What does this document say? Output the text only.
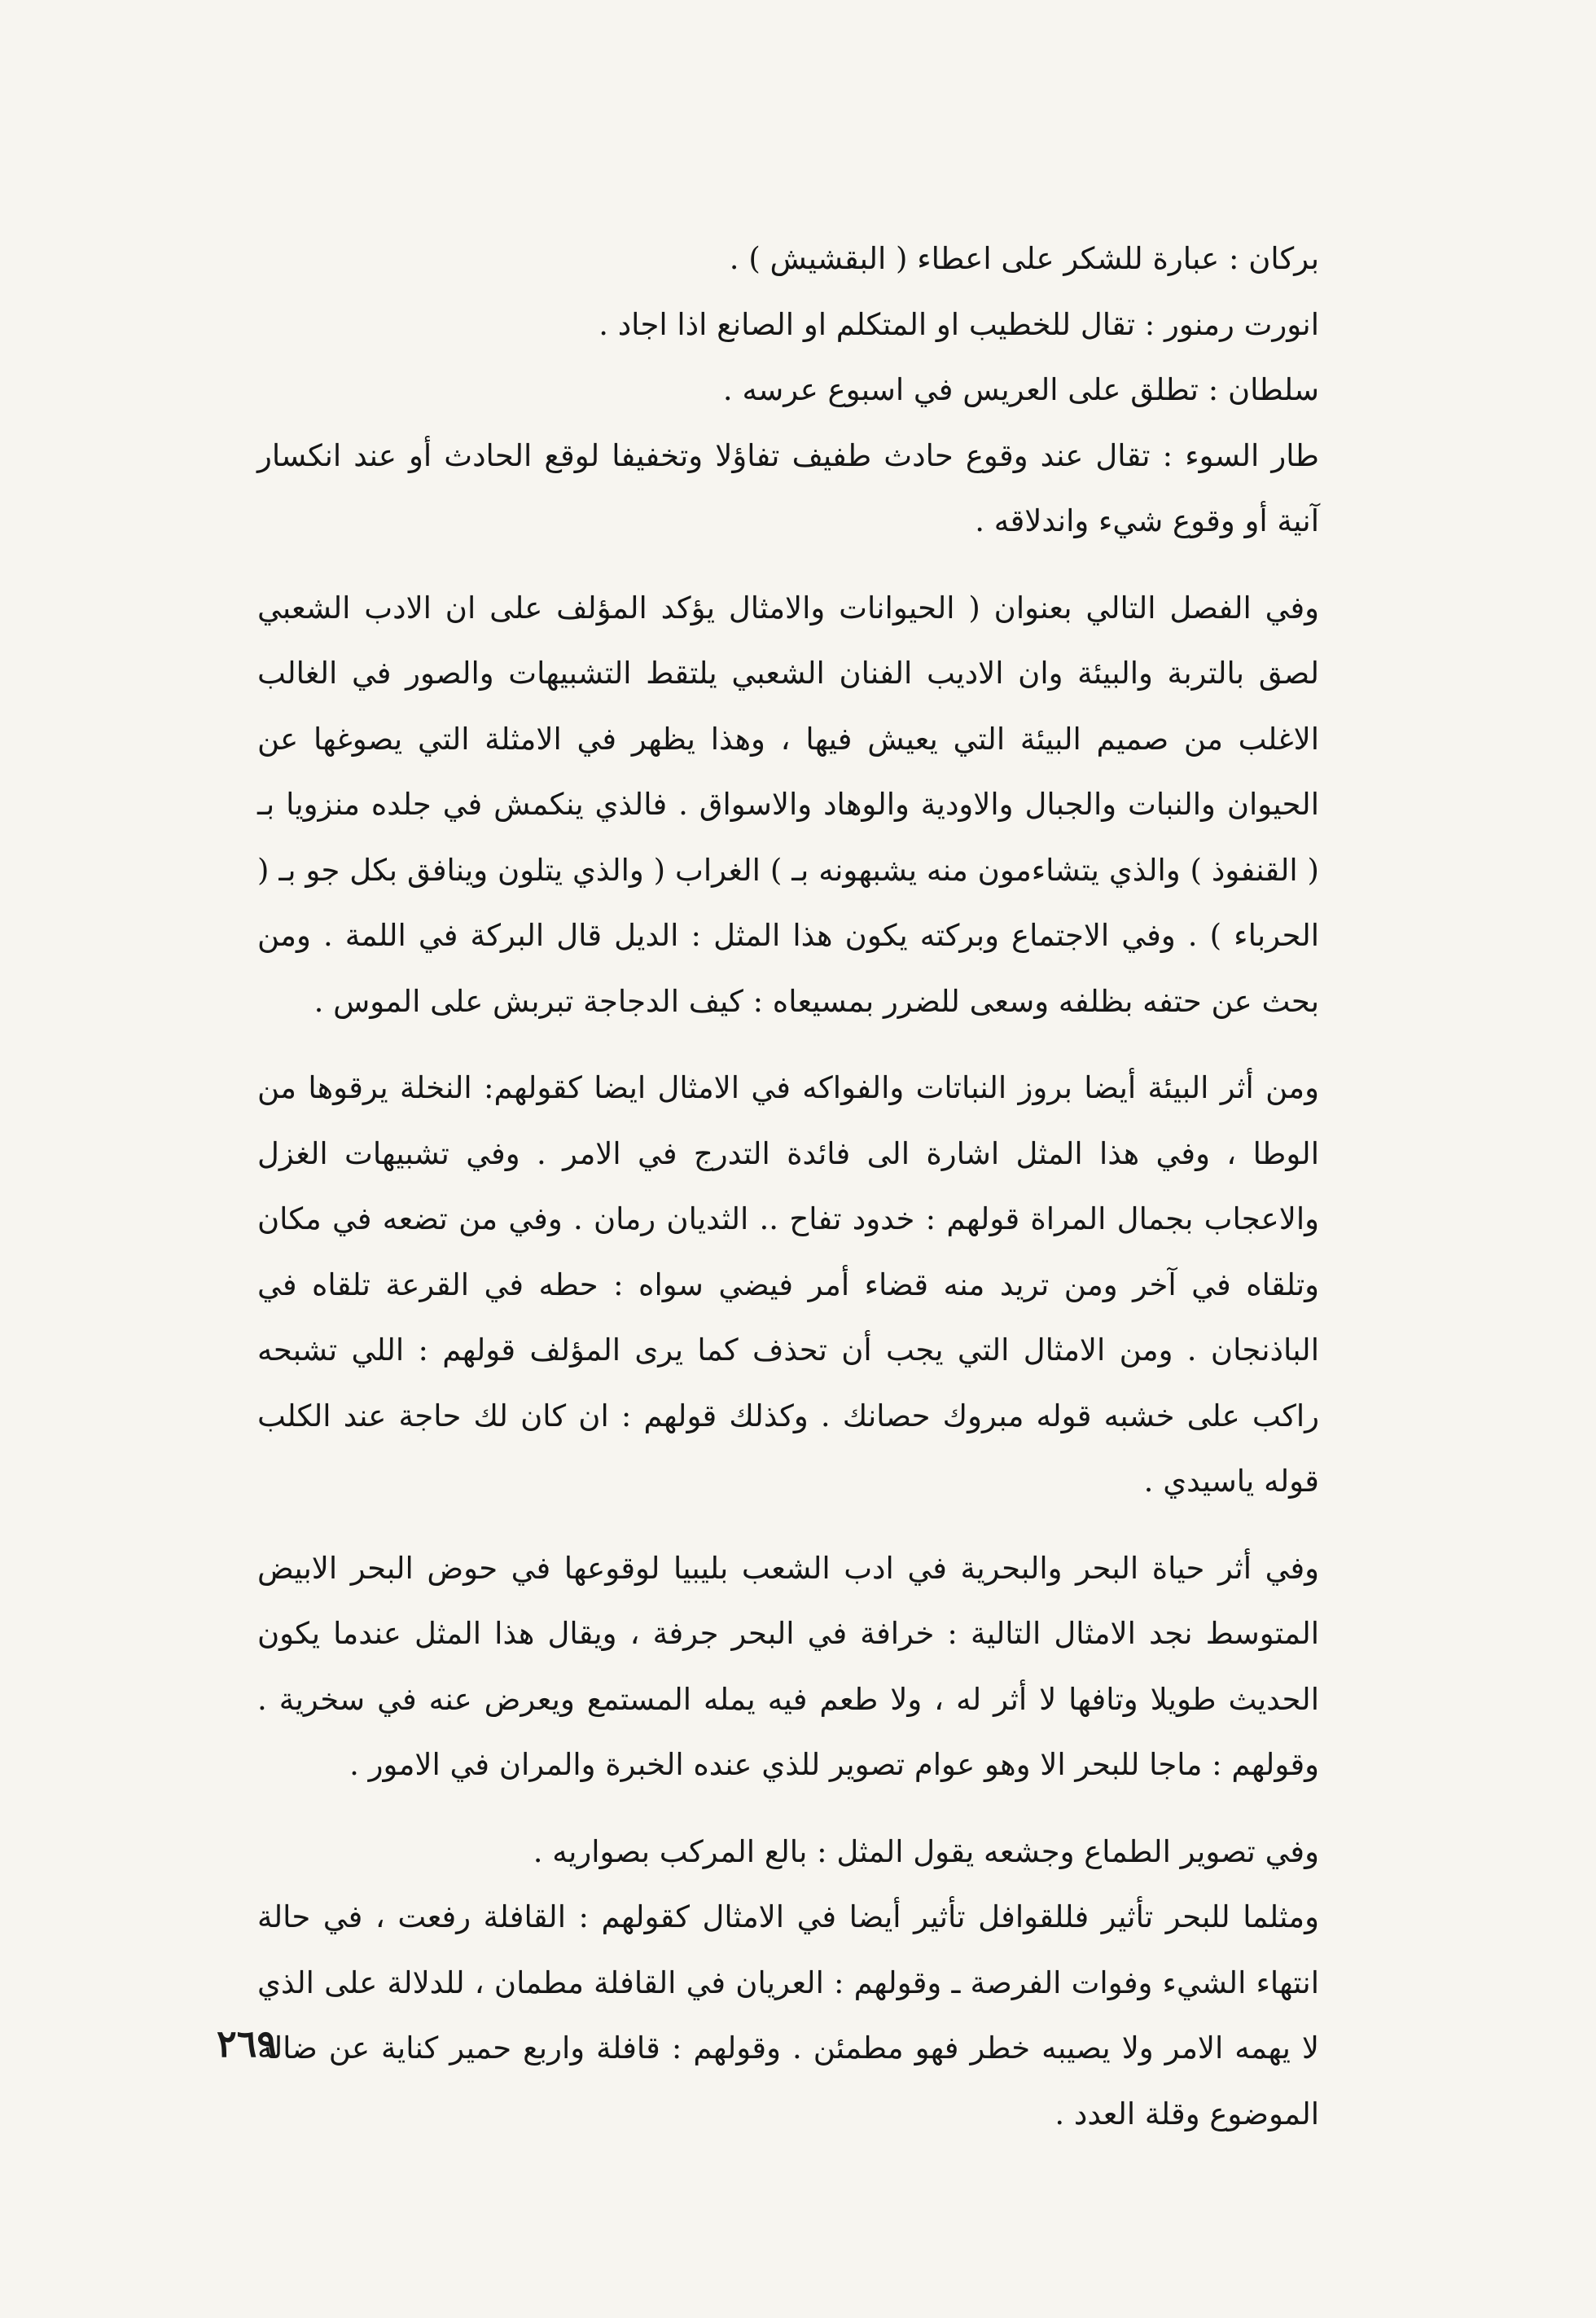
بركان : عبارة للشكر على اعطاء ( البقشيش ) .

انورت رمنور : تقال للخطيب او المتكلم او الصانع اذا اجاد .

سلطان : تطلق على العريس في اسبوع عرسه .

طار السوء : تقال عند وقوع حادث طفيف تفاؤلا وتخفيفا لوقع الحادث أو عند انكسار آنية أو وقوع شيء واندلاقه .

وفي الفصل التالي بعنوان ( الحيوانات والامثال يؤكد المؤلف على ان الادب الشعبي لصق بالتربة والبيئة وان الاديب الفنان الشعبي يلتقط التشبيهات والصور في الغالب الاغلب من صميم البيئة التي يعيش فيها ، وهذا يظهر في الامثلة التي يصوغها عن الحيوان والنبات والجبال والاودية والوهاد والاسواق . فالذي ينكمش في جلده منزويا بـ ( القنفوذ ) والذي يتشاءمون منه يشبهونه بـ ) الغراب ( والذي يتلون وينافق بكل جو بـ ( الحرباء ) . وفي الاجتماع وبركته يكون هذا المثل : الديل قال البركة في اللمة . ومن بحث عن حتفه بظلفه وسعى للضرر بمسيعاه : كيف الدجاجة تبربش على الموس .

ومن أثر البيئة أيضا بروز النباتات والفواكه في الامثال ايضا كقولهم: النخلة يرقوها من الوطا ، وفي هذا المثل اشارة الى فائدة التدرج في الامر . وفي تشبيهات الغزل والاعجاب بجمال المراة قولهم : خدود تفاح .. الثديان رمان . وفي من تضعه في مكان وتلقاه في آخر ومن تريد منه قضاء أمر فيضي سواه : حطه في القرعة تلقاه في الباذنجان . ومن الامثال التي يجب أن تحذف كما يرى المؤلف قولهم : اللي تشبحه راكب على خشبه قوله مبروك حصانك . وكذلك قولهم : ان كان لك حاجة عند الكلب قوله ياسيدي .

وفي أثر حياة البحر والبحرية في ادب الشعب بليبيا لوقوعها في حوض البحر الابيض المتوسط نجد الامثال التالية : خرافة في البحر جرفة ، ويقال هذا المثل عندما يكون الحديث طويلا وتافها لا أثر له ، ولا طعم فيه يمله المستمع ويعرض عنه في سخرية . وقولهم : ماجا للبحر الا وهو عوام تصوير للذي عنده الخبرة والمران في الامور .

وفي تصوير الطماع وجشعه يقول المثل : بالع المركب بصواريه .

ومثلما للبحر تأثير فللقوافل تأثير أيضا في الامثال كقولهم : القافلة رفعت ، في حالة انتهاء الشيء وفوات الفرصة ـ وقولهم : العريان في القافلة مطمان ، للدلالة على الذي لا يهمه الامر ولا يصيبه خطر فهو مطمئن . وقولهم : قافلة واربع حمير كناية عن ضالة الموضوع وقلة العدد .

٢٦٩
